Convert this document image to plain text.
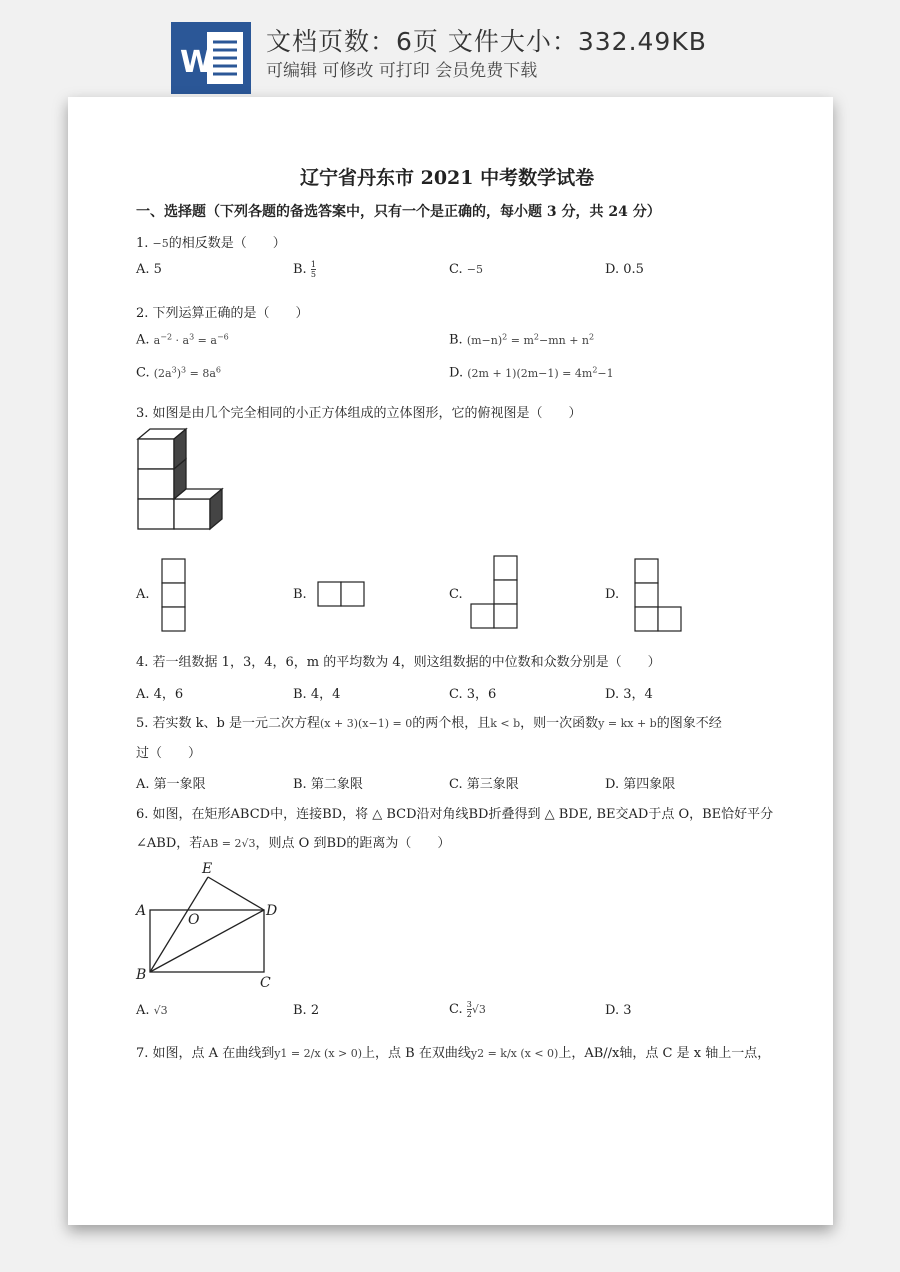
W
文档页数：6页 文件大小：332.49KB
可编辑 可修改 可打印 会员免费下载
辽宁省丹东市 2021 中考数学试卷
一、选择题（下列各题的备选答案中，只有一个是正确的，每小题 3 分，共 24 分）
1. −5的相反数是（　　）
A. 5	B. $\frac{1}{5}$	C. −5	D. 0.5
2. 下列运算正确的是（　　）
A. $a^{-2} \cdot a^3 = a^{-6}$	B. $(m-n)^2 = m^2-mn + n^2$
C. $(2a^3)^3 = 8a^6$	D. $(2m + 1)(2m-1) = 4m^2-1$
3. 如图是由几个完全相同的小正方体组成的立体图形，它的俯视图是（　　）
A.	B.	C.	D.
4. 若一组数据 1，3，4，6，m 的平均数为 4，则这组数据的中位数和众数分别是（　　）
A. 4，6	B. 4，4	C. 3，6	D. 3，4
5. 若实数 k、b 是一元二次方程(x + 3)(x−1) = 0的两个根，且k < b，则一次函数y = kx + b的图象不经
过（　　）
A. 第一象限	B. 第二象限	C. 第三象限	D. 第四象限
6. 如图，在矩形ABCD中，连接BD，将 △ BCD沿对角线BD折叠得到 △ BDE, BE交AD于点 O，BE恰好平分
∠ABD，若AB = 2√3，则点 O 到BD的距离为（　　）
A
B	C
D
E
O
A. √3	B. 2	C. $\frac{3}{2} √3$	D. 3
7. 如图，点 A 在曲线到y1 = 2/x (x > 0)上，点 B 在双曲线y2 = k/x (x < 0)上，AB//x轴，点 C 是 x 轴上一点，
